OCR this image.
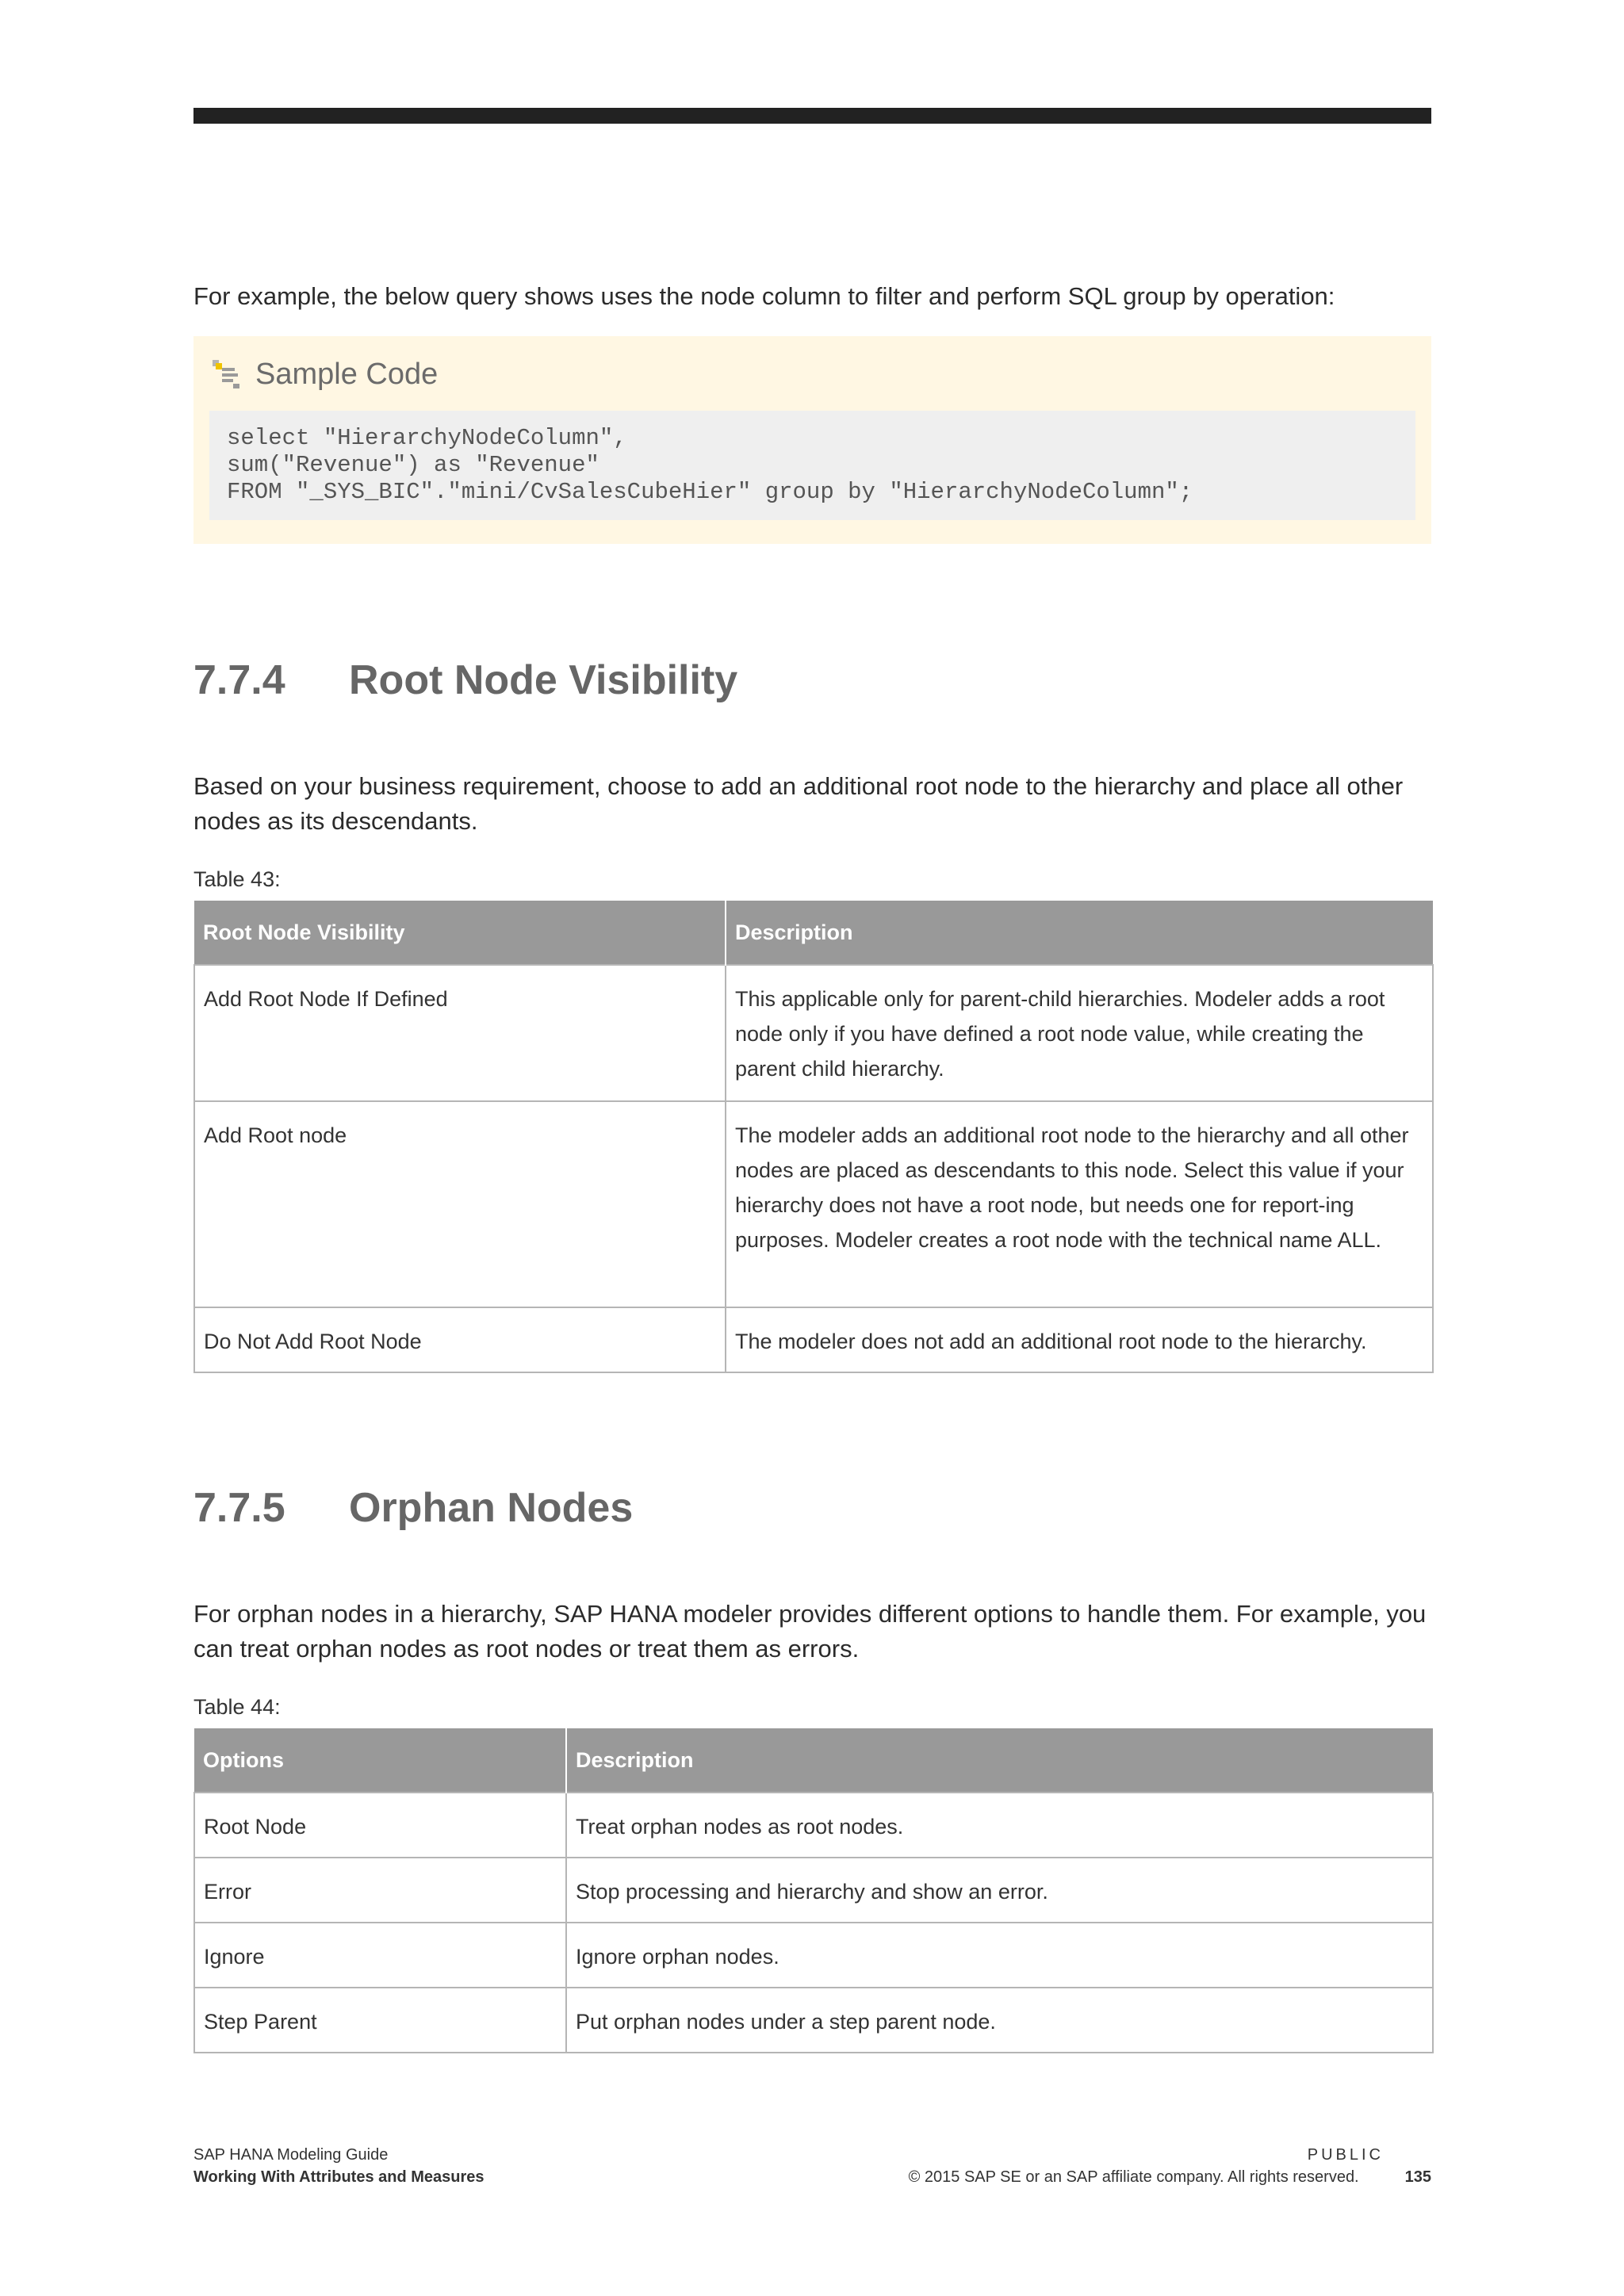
For example, the below query shows uses the node column to filter and perform SQL group by operation:
Sample Code
select "HierarchyNodeColumn",
sum("Revenue") as "Revenue"
FROM "_SYS_BIC"."mini/CvSalesCubeHier" group by "HierarchyNodeColumn";
7.7.4	Root Node Visibility
Based on your business requirement, choose to add an additional root node to the hierarchy and place all other nodes as its descendants.
Table 43:
Root Node Visibility	Description
Add Root Node If Defined	This applicable only for parent-child hierarchies. Modeler adds a root node only if you have defined a root node value, while creating the parent child hierarchy.
Add Root node	The modeler adds an additional root node to the hierarchy and all other nodes are placed as descendants to this node. Select this value if your hierarchy does not have a root node, but needs one for report-ing purposes. Modeler creates a root node with the technical name ALL.
Do Not Add Root Node	The modeler does not add an additional root node to the hierarchy.
7.7.5	Orphan Nodes
For orphan nodes in a hierarchy, SAP HANA modeler provides different options to handle them. For example, you can treat orphan nodes as root nodes or treat them as errors.
Table 44:
Options	Description
Root Node	Treat orphan nodes as root nodes.
Error	Stop processing and hierarchy and show an error.
Ignore	Ignore orphan nodes.
Step Parent	Put orphan nodes under a step parent node.
SAP HANA Modeling Guide
Working With Attributes and Measures
PUBLIC
© 2015 SAP SE or an SAP affiliate company. All rights reserved.	135
